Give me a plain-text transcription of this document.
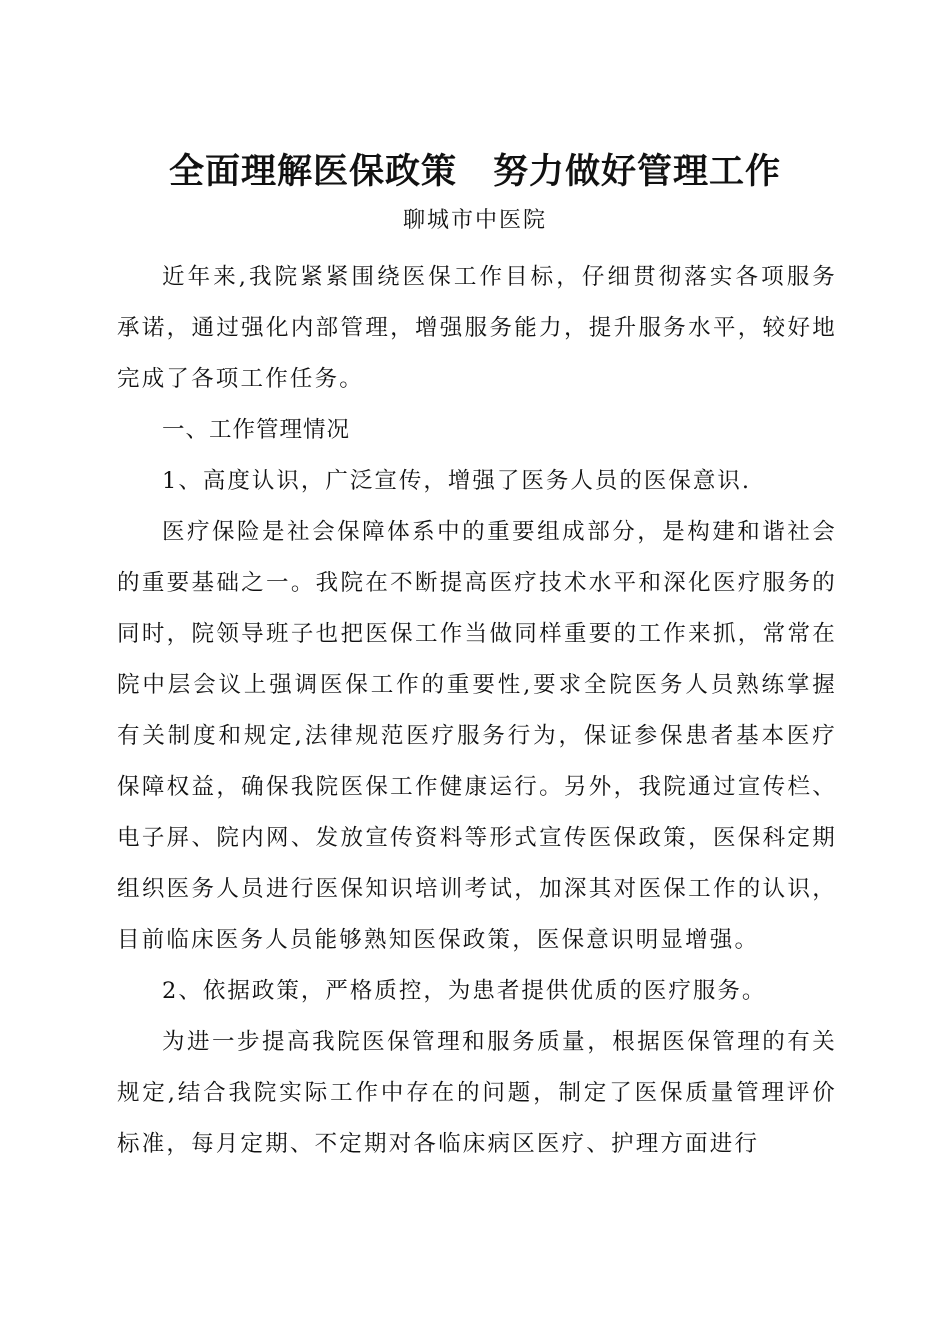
全面理解医保政策　努力做好管理工作
聊城市中医院

近年来,我院紧紧围绕医保工作目标，仔细贯彻落实各项服务承诺，通过强化内部管理，增强服务能力，提升服务水平，较好地完成了各项工作任务。

一、工作管理情况

1、高度认识，广泛宣传，增强了医务人员的医保意识.

医疗保险是社会保障体系中的重要组成部分，是构建和谐社会的重要基础之一。我院在不断提高医疗技术水平和深化医疗服务的同时，院领导班子也把医保工作当做同样重要的工作来抓，常常在院中层会议上强调医保工作的重要性,要求全院医务人员熟练掌握有关制度和规定,法律规范医疗服务行为，保证参保患者基本医疗保障权益，确保我院医保工作健康运行。另外，我院通过宣传栏、电子屏、院内网、发放宣传资料等形式宣传医保政策，医保科定期组织医务人员进行医保知识培训考试，加深其对医保工作的认识，目前临床医务人员能够熟知医保政策，医保意识明显增强。

2、依据政策，严格质控，为患者提供优质的医疗服务。

为进一步提高我院医保管理和服务质量，根据医保管理的有关规定,结合我院实际工作中存在的问题，制定了医保质量管理评价标准，每月定期、不定期对各临床病区医疗、护理方面进行
